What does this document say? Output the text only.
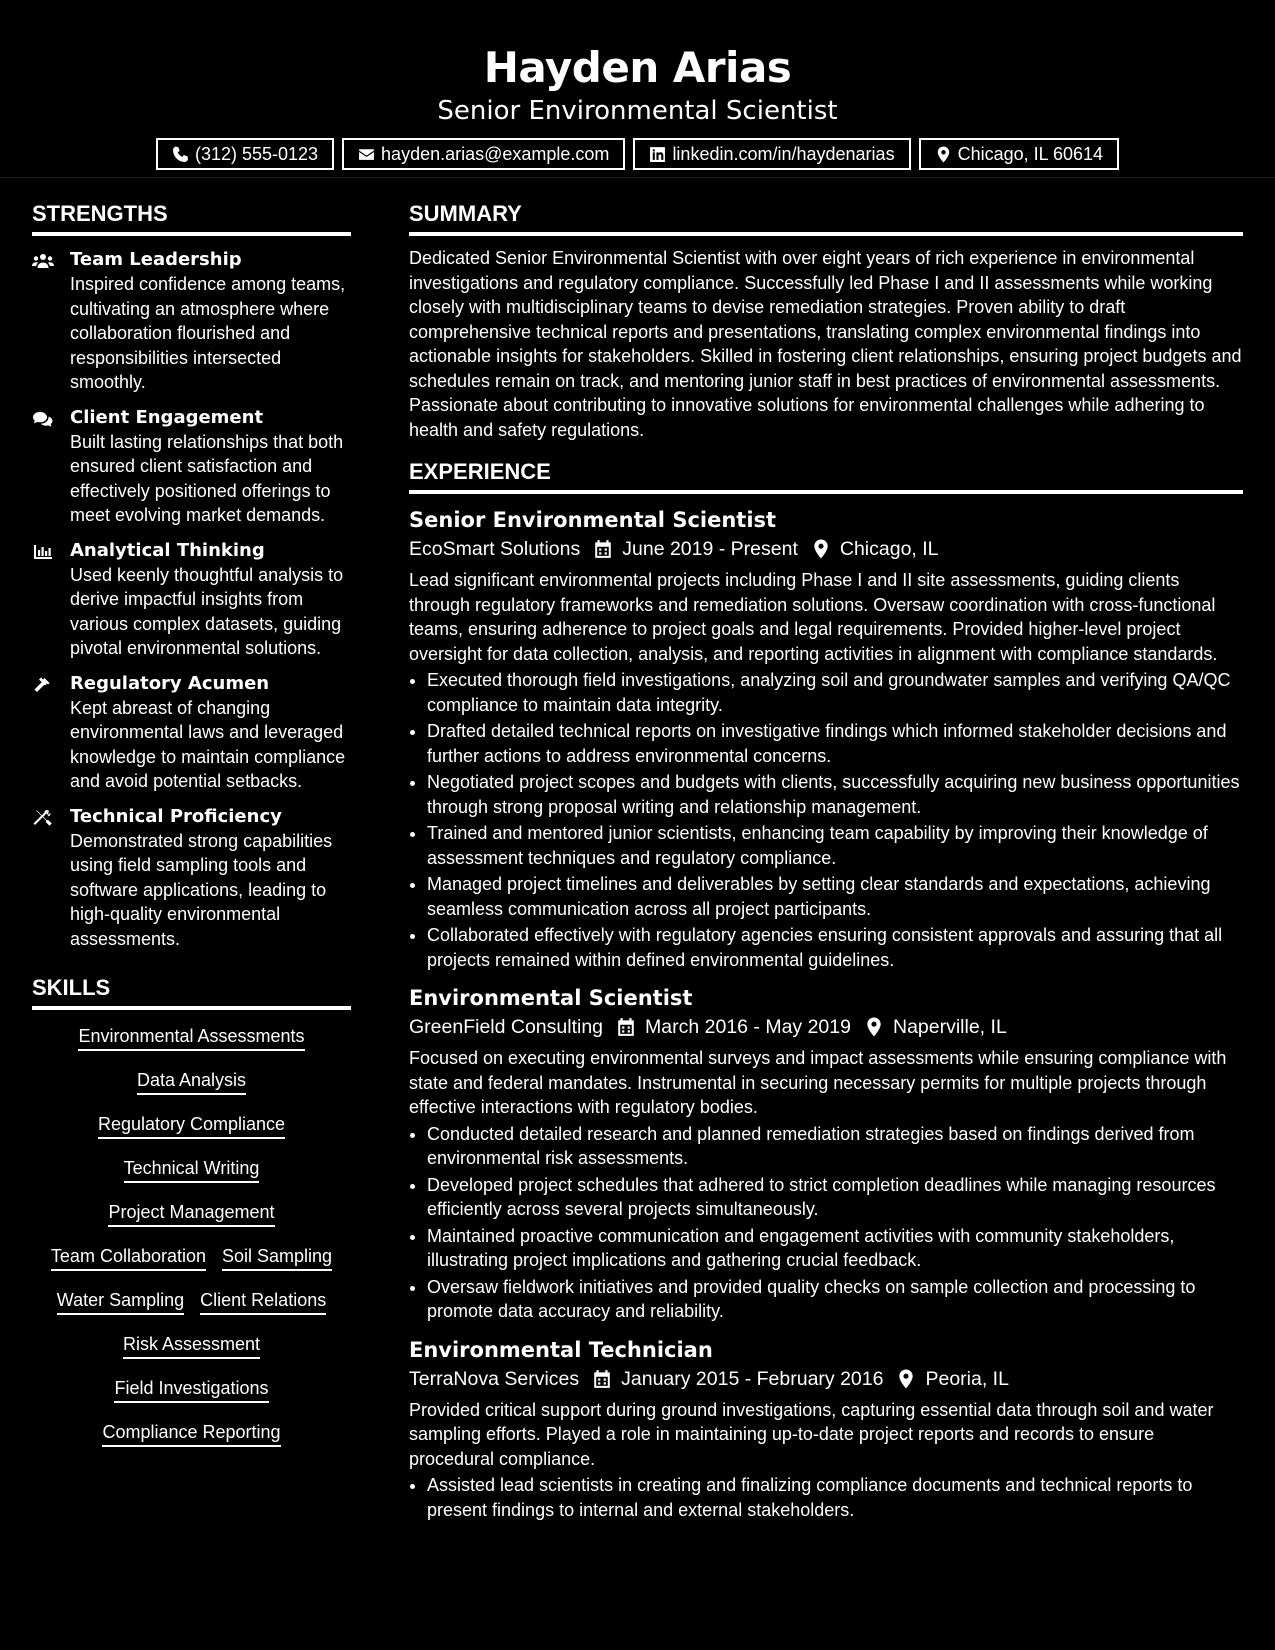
Hayden Arias
Senior Environmental Scientist
(312) 555-0123	hayden.arias@example.com	linkedin.com/in/haydenarias	Chicago, IL 60614
STRENGTHS
Team Leadership
Inspired confidence among teams, cultivating an atmosphere where collaboration flourished and responsibilities intersected smoothly.
Client Engagement
Built lasting relationships that both ensured client satisfaction and effectively positioned offerings to meet evolving market demands.
Analytical Thinking
Used keenly thoughtful analysis to derive impactful insights from various complex datasets, guiding pivotal environmental solutions.
Regulatory Acumen
Kept abreast of changing environmental laws and leveraged knowledge to maintain compliance and avoid potential setbacks.
Technical Proficiency
Demonstrated strong capabilities using field sampling tools and software applications, leading to high-quality environmental assessments.
SKILLS
Environmental Assessments
Data Analysis
Regulatory Compliance
Technical Writing
Project Management
Team Collaboration Soil Sampling
Water Sampling Client Relations
Risk Assessment
Field Investigations
Compliance Reporting
SUMMARY
Dedicated Senior Environmental Scientist with over eight years of rich experience in environmental investigations and regulatory compliance. Successfully led Phase I and II assessments while working closely with multidisciplinary teams to devise remediation strategies. Proven ability to draft comprehensive technical reports and presentations, translating complex environmental findings into actionable insights for stakeholders. Skilled in fostering client relationships, ensuring project budgets and schedules remain on track, and mentoring junior staff in best practices of environmental assessments. Passionate about contributing to innovative solutions for environmental challenges while adhering to health and safety regulations.
EXPERIENCE
Senior Environmental Scientist
EcoSmart Solutions June 2019 - Present Chicago, IL
Lead significant environmental projects including Phase I and II site assessments, guiding clients through regulatory frameworks and remediation solutions. Oversaw coordination with cross-functional teams, ensuring adherence to project goals and legal requirements. Provided higher-level project oversight for data collection, analysis, and reporting activities in alignment with compliance standards.
• Executed thorough field investigations, analyzing soil and groundwater samples and verifying QA/QC compliance to maintain data integrity.
• Drafted detailed technical reports on investigative findings which informed stakeholder decisions and further actions to address environmental concerns.
• Negotiated project scopes and budgets with clients, successfully acquiring new business opportunities through strong proposal writing and relationship management.
• Trained and mentored junior scientists, enhancing team capability by improving their knowledge of assessment techniques and regulatory compliance.
• Managed project timelines and deliverables by setting clear standards and expectations, achieving seamless communication across all project participants.
• Collaborated effectively with regulatory agencies ensuring consistent approvals and assuring that all projects remained within defined environmental guidelines.
Environmental Scientist
GreenField Consulting March 2016 - May 2019 Naperville, IL
Focused on executing environmental surveys and impact assessments while ensuring compliance with state and federal mandates. Instrumental in securing necessary permits for multiple projects through effective interactions with regulatory bodies.
• Conducted detailed research and planned remediation strategies based on findings derived from environmental risk assessments.
• Developed project schedules that adhered to strict completion deadlines while managing resources efficiently across several projects simultaneously.
• Maintained proactive communication and engagement activities with community stakeholders, illustrating project implications and gathering crucial feedback.
• Oversaw fieldwork initiatives and provided quality checks on sample collection and processing to promote data accuracy and reliability.
Environmental Technician
TerraNova Services January 2015 - February 2016 Peoria, IL
Provided critical support during ground investigations, capturing essential data through soil and water sampling efforts. Played a role in maintaining up-to-date project reports and records to ensure procedural compliance.
• Assisted lead scientists in creating and finalizing compliance documents and technical reports to present findings to internal and external stakeholders.
